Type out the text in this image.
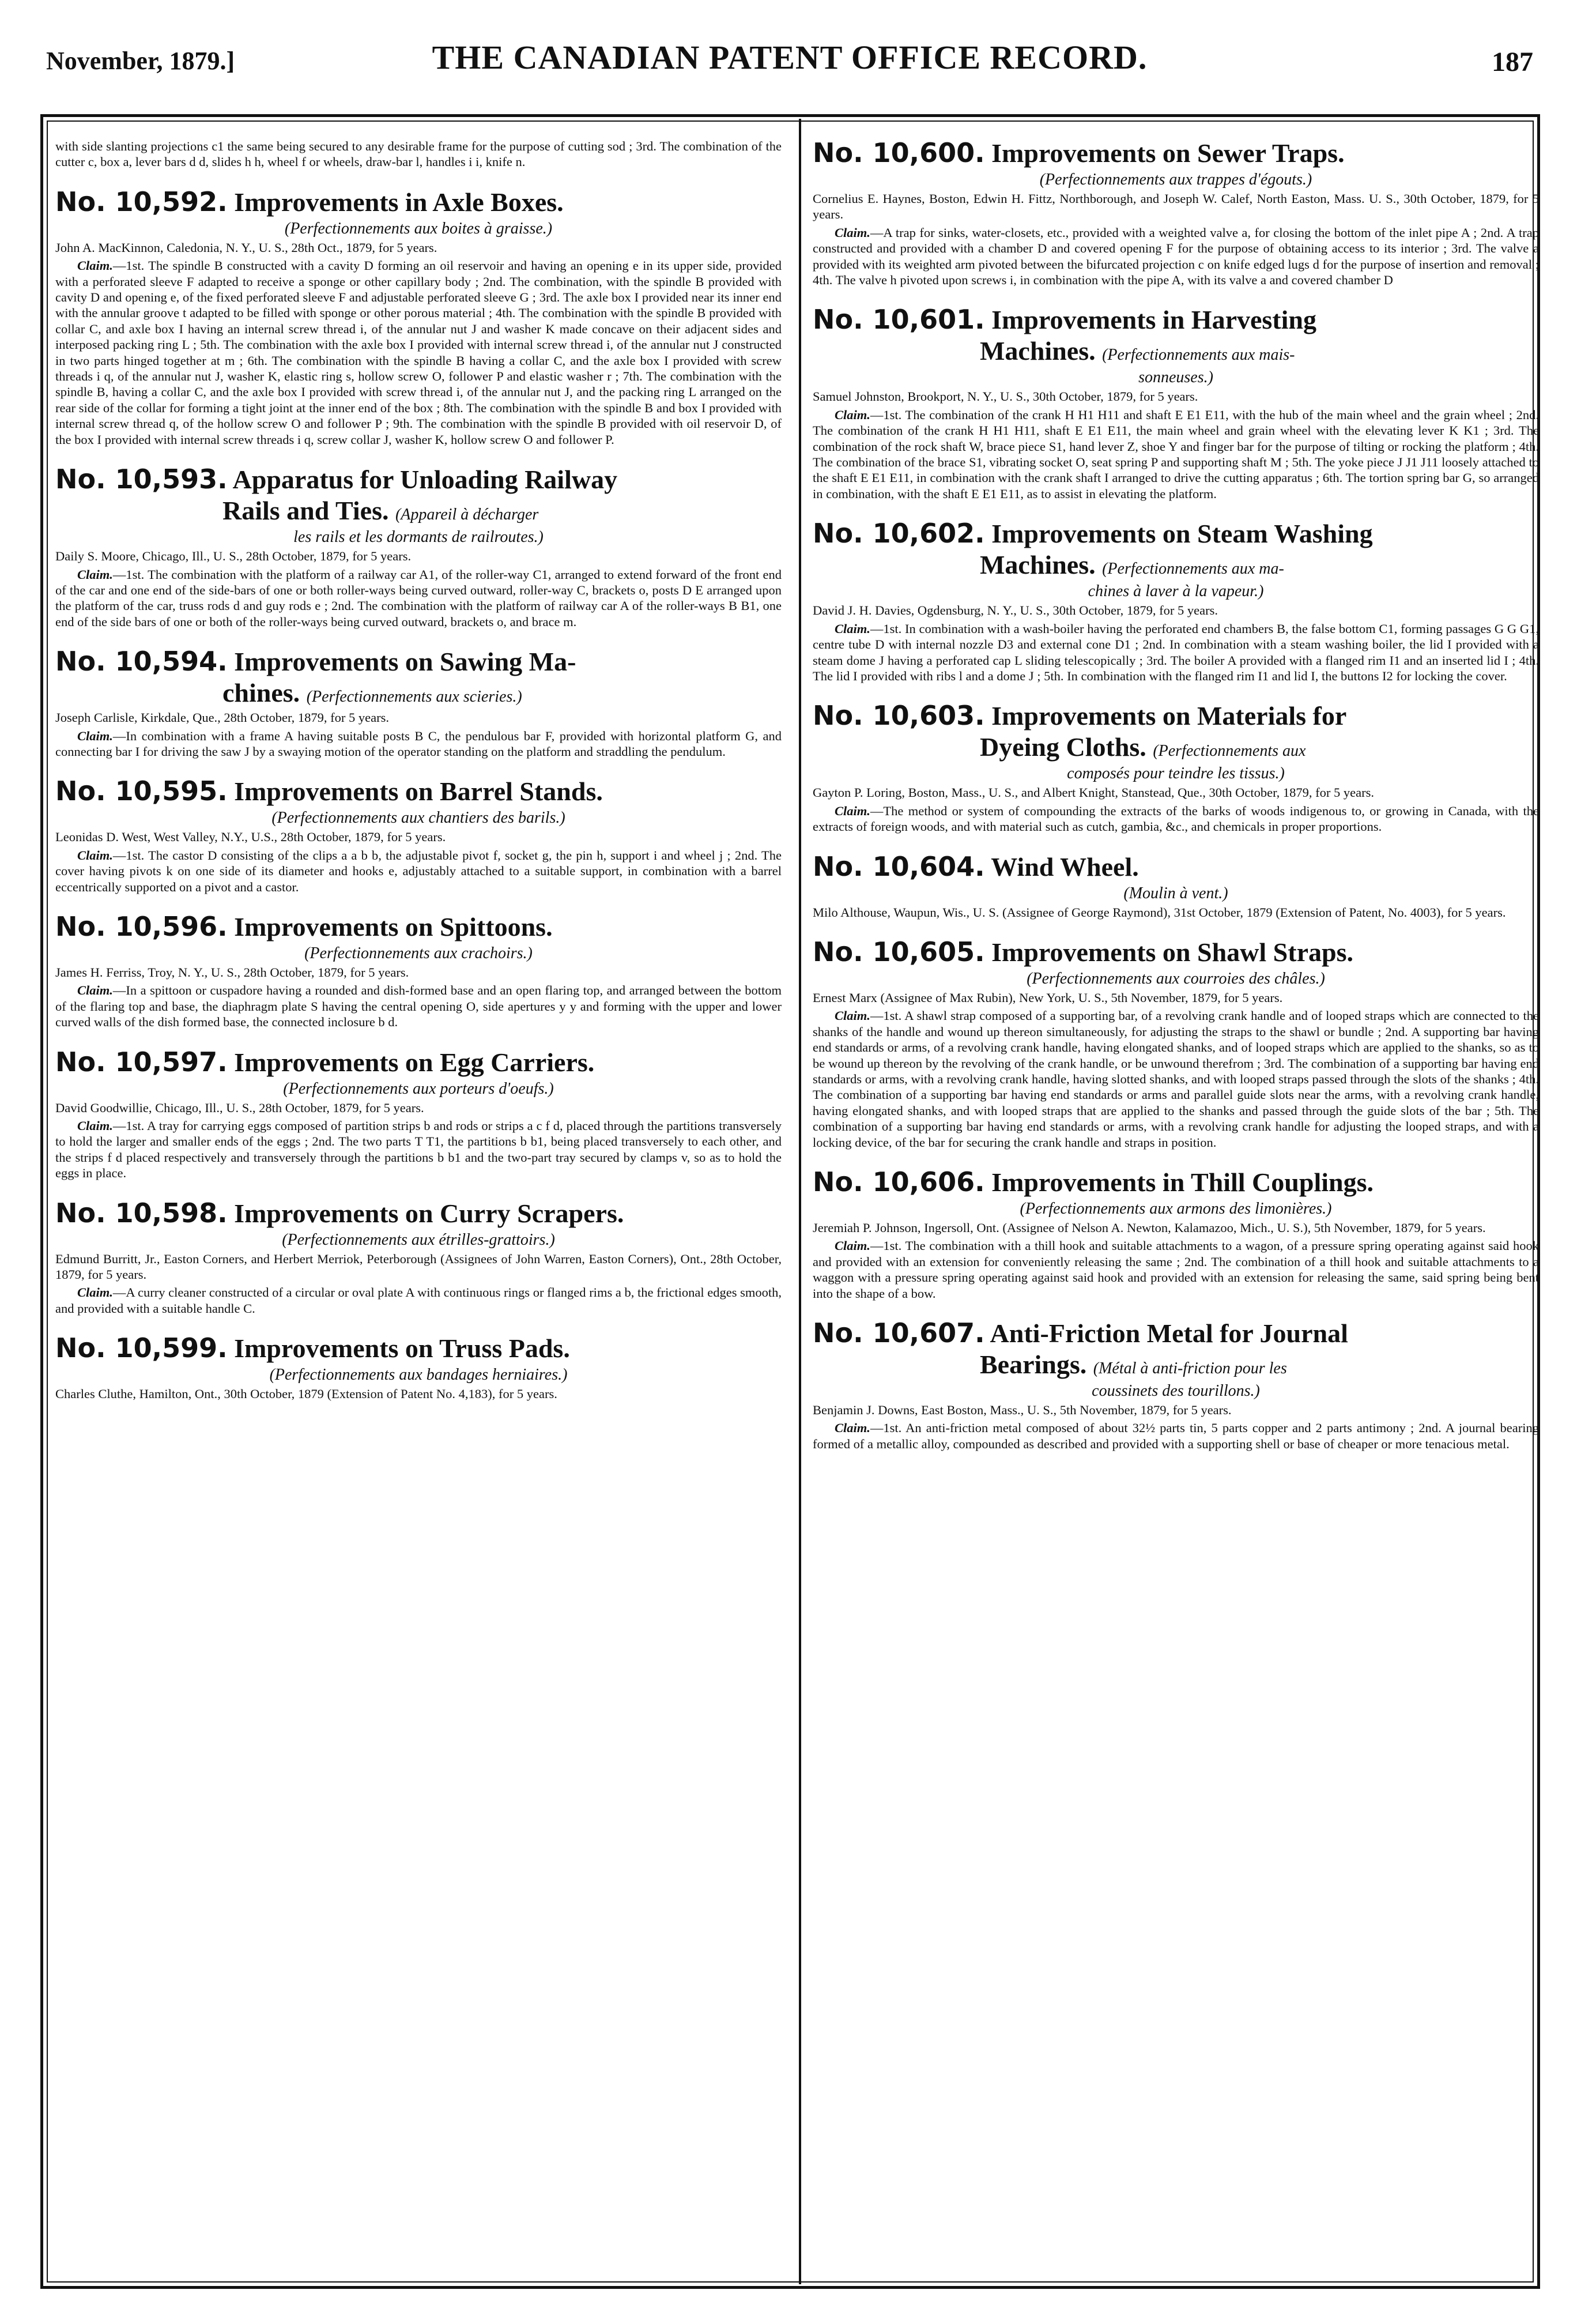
November, 1879.]	THE CANADIAN PATENT OFFICE RECORD.	187

with side slanting projections c1 the same being secured to any desirable frame for the purpose of cutting sod ; 3rd. The combination of the cutter c, box a, lever bars d d, slides h h, wheel f or wheels, draw-bar l, handles i i, knife n.

No. 10,592. Improvements in Axle Boxes.
(Perfectionnements aux boites à graisse.)

John A. MacKinnon, Caledonia, N. Y., U. S., 28th Oct., 1879, for 5 years.

Claim.—1st. The spindle B constructed with a cavity D forming an oil reservoir and having an opening e in its upper side, provided with a perforated sleeve F adapted to receive a sponge or other capillary body ; 2nd. The combination, with the spindle B provided with cavity D and opening e, of the fixed perforated sleeve F and adjustable perforated sleeve G ; 3rd. The axle box I provided near its inner end with the annular groove t adapted to be filled with sponge or other porous material ; 4th. The combination with the spindle B provided with collar C, and axle box I having an internal screw thread i, of the annular nut J and washer K made concave on their adjacent sides and interposed packing ring L ; 5th. The combination with the axle box I provided with internal screw thread i, of the annular nut J constructed in two parts hinged together at m ; 6th. The combination with the spindle B having a collar C, and the axle box I provided with screw threads i q, of the annular nut J, washer K, elastic ring s, hollow screw O, follower P and elastic washer r ; 7th. The combination with the spindle B, having a collar C, and the axle box I provided with screw thread i, of the annular nut J, and the packing ring L arranged on the rear side of the collar for forming a tight joint at the inner end of the box ; 8th. The combination with the spindle B and box I provided with internal screw thread q, of the hollow screw O and follower P ; 9th. The combination with the spindle B provided with oil reservoir D, of the box I provided with internal screw threads i q, screw collar J, washer K, hollow screw O and follower P.

No. 10,593. Apparatus for Unloading Railway
Rails and Ties. (Appareil à décharger
les rails et les dormants de railroutes.)

Daily S. Moore, Chicago, Ill., U. S., 28th October, 1879, for 5 years.

Claim.—1st. The combination with the platform of a railway car A1, of the roller-way C1, arranged to extend forward of the front end of the car and one end of the side-bars of one or both roller-ways being curved outward, roller-way C, brackets o, posts D E arranged upon the platform of the car, truss rods d and guy rods e ; 2nd. The combination with the platform of railway car A of the roller-ways B B1, one end of the side bars of one or both of the roller-ways being curved outward, brackets o, and brace m.

No. 10,594. Improvements on Sawing Ma-
chines. (Perfectionnements aux scieries.)

Joseph Carlisle, Kirkdale, Que., 28th October, 1879, for 5 years.

Claim.—In combination with a frame A having suitable posts B C, the pendulous bar F, provided with horizontal platform G, and connecting bar I for driving the saw J by a swaying motion of the operator standing on the platform and straddling the pendulum.

No. 10,595. Improvements on Barrel Stands.
(Perfectionnements aux chantiers des barils.)

Leonidas D. West, West Valley, N.Y., U.S., 28th October, 1879, for 5 years.

Claim.—1st. The castor D consisting of the clips a a b b, the adjustable pivot f, socket g, the pin h, support i and wheel j ; 2nd. The cover having pivots k on one side of its diameter and hooks e, adjustably attached to a suitable support, in combination with a barrel eccentrically supported on a pivot and a castor.

No. 10,596. Improvements on Spittoons.
(Perfectionnements aux crachoirs.)

James H. Ferriss, Troy, N. Y., U. S., 28th October, 1879, for 5 years.

Claim.—In a spittoon or cuspadore having a rounded and dish-formed base and an open flaring top, and arranged between the bottom of the flaring top and base, the diaphragm plate S having the central opening O, side apertures y y and forming with the upper and lower curved walls of the dish formed base, the connected inclosure b d.

No. 10,597. Improvements on Egg Carriers.
(Perfectionnements aux porteurs d'oeufs.)

David Goodwillie, Chicago, Ill., U. S., 28th October, 1879, for 5 years.

Claim.—1st. A tray for carrying eggs composed of partition strips b and rods or strips a c f d, placed through the partitions transversely to hold the larger and smaller ends of the eggs ; 2nd. The two parts T T1, the partitions b b1, being placed transversely to each other, and the strips f d placed respectively and transversely through the partitions b b1 and the two-part tray secured by clamps v, so as to hold the eggs in place.

No. 10,598. Improvements on Curry Scrapers.
(Perfectionnements aux étrilles-grattoirs.)

Edmund Burritt, Jr., Easton Corners, and Herbert Merriok, Peterborough (Assignees of John Warren, Easton Corners), Ont., 28th October, 1879, for 5 years.

Claim.—A curry cleaner constructed of a circular or oval plate A with continuous rings or flanged rims a b, the frictional edges smooth, and provided with a suitable handle C.

No. 10,599. Improvements on Truss Pads.
(Perfectionnements aux bandages herniaires.)

Charles Cluthe, Hamilton, Ont., 30th October, 1879 (Extension of Patent No. 4,183), for 5 years.

No. 10,600. Improvements on Sewer Traps.
(Perfectionnements aux trappes d'égouts.)

Cornelius E. Haynes, Boston, Edwin H. Fittz, Northborough, and Joseph W. Calef, North Easton, Mass. U. S., 30th October, 1879, for 5 years.

Claim.—A trap for sinks, water-closets, etc., provided with a weighted valve a, for closing the bottom of the inlet pipe A ; 2nd. A trap constructed and provided with a chamber D and covered opening F for the purpose of obtaining access to its interior ; 3rd. The valve a provided with its weighted arm pivoted between the bifurcated projection c on knife edged lugs d for the purpose of insertion and removal ; 4th. The valve h pivoted upon screws i, in combination with the pipe A, with its valve a and covered chamber D

No. 10,601. Improvements in Harvesting
Machines. (Perfectionnements aux mais-
sonneuses.)

Samuel Johnston, Brookport, N. Y., U. S., 30th October, 1879, for 5 years.

Claim.—1st. The combination of the crank H H1 H11 and shaft E E1 E11, with the hub of the main wheel and the grain wheel ; 2nd. The combination of the crank H H1 H11, shaft E E1 E11, the main wheel and grain wheel with the elevating lever K K1 ; 3rd. The combination of the rock shaft W, brace piece S1, hand lever Z, shoe Y and finger bar for the purpose of tilting or rocking the platform ; 4th. The combination of the brace S1, vibrating socket O, seat spring P and supporting shaft M ; 5th. The yoke piece J J1 J11 loosely attached to the shaft E E1 E11, in combination with the crank shaft I arranged to drive the cutting apparatus ; 6th. The tortion spring bar G, so arranged in combination, with the shaft E E1 E11, as to assist in elevating the platform.

No. 10,602. Improvements on Steam Washing
Machines. (Perfectionnements aux ma-
chines à laver à la vapeur.)

David J. H. Davies, Ogdensburg, N. Y., U. S., 30th October, 1879, for 5 years.

Claim.—1st. In combination with a wash-boiler having the perforated end chambers B, the false bottom C1, forming passages G G G1, centre tube D with internal nozzle D3 and external cone D1 ; 2nd. In combination with a steam washing boiler, the lid I provided with a steam dome J having a perforated cap L sliding telescopically ; 3rd. The boiler A provided with a flanged rim I1 and an inserted lid I ; 4th. The lid I provided with ribs l and a dome J ; 5th. In combination with the flanged rim I1 and lid I, the buttons I2 for locking the cover.

No. 10,603. Improvements on Materials for
Dyeing Cloths. (Perfectionnements aux
composés pour teindre les tissus.)

Gayton P. Loring, Boston, Mass., U. S., and Albert Knight, Stanstead, Que., 30th October, 1879, for 5 years.

Claim.—The method or system of compounding the extracts of the barks of woods indigenous to, or growing in Canada, with the extracts of foreign woods, and with material such as cutch, gambia, &c., and chemicals in proper proportions.

No. 10,604. Wind Wheel.
(Moulin à vent.)

Milo Althouse, Waupun, Wis., U. S. (Assignee of George Raymond), 31st October, 1879 (Extension of Patent, No. 4003), for 5 years.

No. 10,605. Improvements on Shawl Straps.
(Perfectionnements aux courroies des châles.)

Ernest Marx (Assignee of Max Rubin), New York, U. S., 5th November, 1879, for 5 years.

Claim.—1st. A shawl strap composed of a supporting bar, of a revolving crank handle and of looped straps which are connected to the shanks of the handle and wound up thereon simultaneously, for adjusting the straps to the shawl or bundle ; 2nd. A supporting bar having end standards or arms, of a revolving crank handle, having elongated shanks, and of looped straps which are applied to the shanks, so as to be wound up thereon by the revolving of the crank handle, or be unwound therefrom ; 3rd. The combination of a supporting bar having end standards or arms, with a revolving crank handle, having slotted shanks, and with looped straps passed through the slots of the shanks ; 4th. The combination of a supporting bar having end standards or arms and parallel guide slots near the arms, with a revolving crank handle, having elongated shanks, and with looped straps that are applied to the shanks and passed through the guide slots of the bar ; 5th. The combination of a supporting bar having end standards or arms, with a revolving crank handle for adjusting the looped straps, and with a locking device, of the bar for securing the crank handle and straps in position.

No. 10,606. Improvements in Thill Couplings.
(Perfectionnements aux armons des limonières.)

Jeremiah P. Johnson, Ingersoll, Ont. (Assignee of Nelson A. Newton, Kalamazoo, Mich., U. S.), 5th November, 1879, for 5 years.

Claim.—1st. The combination with a thill hook and suitable attachments to a wagon, of a pressure spring operating against said hook and provided with an extension for conveniently releasing the same ; 2nd. The combination of a thill hook and suitable attachments to a waggon with a pressure spring operating against said hook and provided with an extension for releasing the same, said spring being bent into the shape of a bow.

No. 10,607. Anti-Friction Metal for Journal
Bearings. (Métal à anti-friction pour les
coussinets des tourillons.)

Benjamin J. Downs, East Boston, Mass., U. S., 5th November, 1879, for 5 years.

Claim.—1st. An anti-friction metal composed of about 32½ parts tin, 5 parts copper and 2 parts antimony ; 2nd. A journal bearing formed of a metallic alloy, compounded as described and provided with a supporting shell or base of cheaper or more tenacious metal.
